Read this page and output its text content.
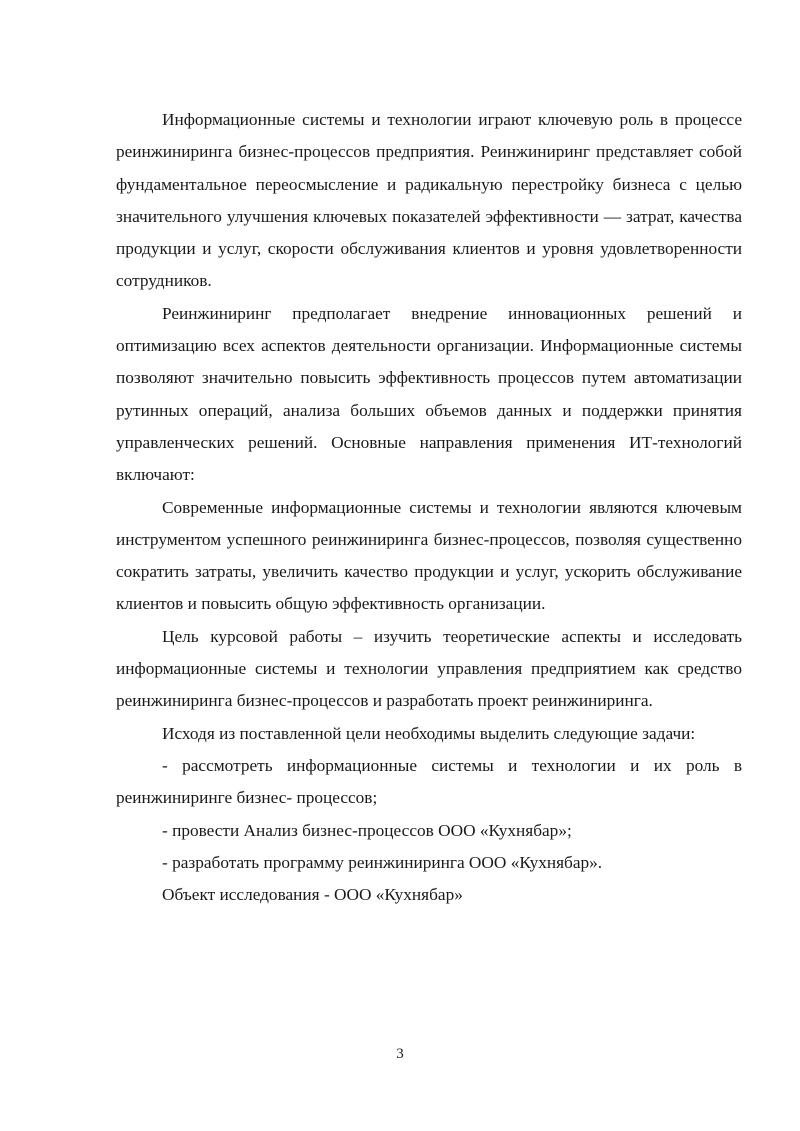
Информационные системы и технологии играют ключевую роль в процессе реинжиниринга бизнес-процессов предприятия. Реинжиниринг представляет собой фундаментальное переосмысление и радикальную перестройку бизнеса с целью значительного улучшения ключевых показателей эффективности — затрат, качества продукции и услуг, скорости обслуживания клиентов и уровня удовлетворенности сотрудников.

Реинжиниринг предполагает внедрение инновационных решений и оптимизацию всех аспектов деятельности организации. Информационные системы позволяют значительно повысить эффективность процессов путем автоматизации рутинных операций, анализа больших объемов данных и поддержки принятия управленческих решений. Основные направления применения ИТ-технологий включают:

Современные информационные системы и технологии являются ключевым инструментом успешного реинжиниринга бизнес-процессов, позволяя существенно сократить затраты, увеличить качество продукции и услуг, ускорить обслуживание клиентов и повысить общую эффективность организации.

Цель курсовой работы – изучить теоретические аспекты и исследовать информационные системы и технологии управления предприятием как средство реинжиниринга бизнес-процессов и разработать проект реинжиниринга.

Исходя из поставленной цели необходимы выделить следующие задачи:

- рассмотреть информационные системы и технологии и их роль в реинжиниринге бизнес- процессов;

- провести Анализ бизнес-процессов ООО «Кухнябар»;

- разработать программу реинжиниринга ООО «Кухнябар».

Объект исследования - ООО «Кухнябар»

3
